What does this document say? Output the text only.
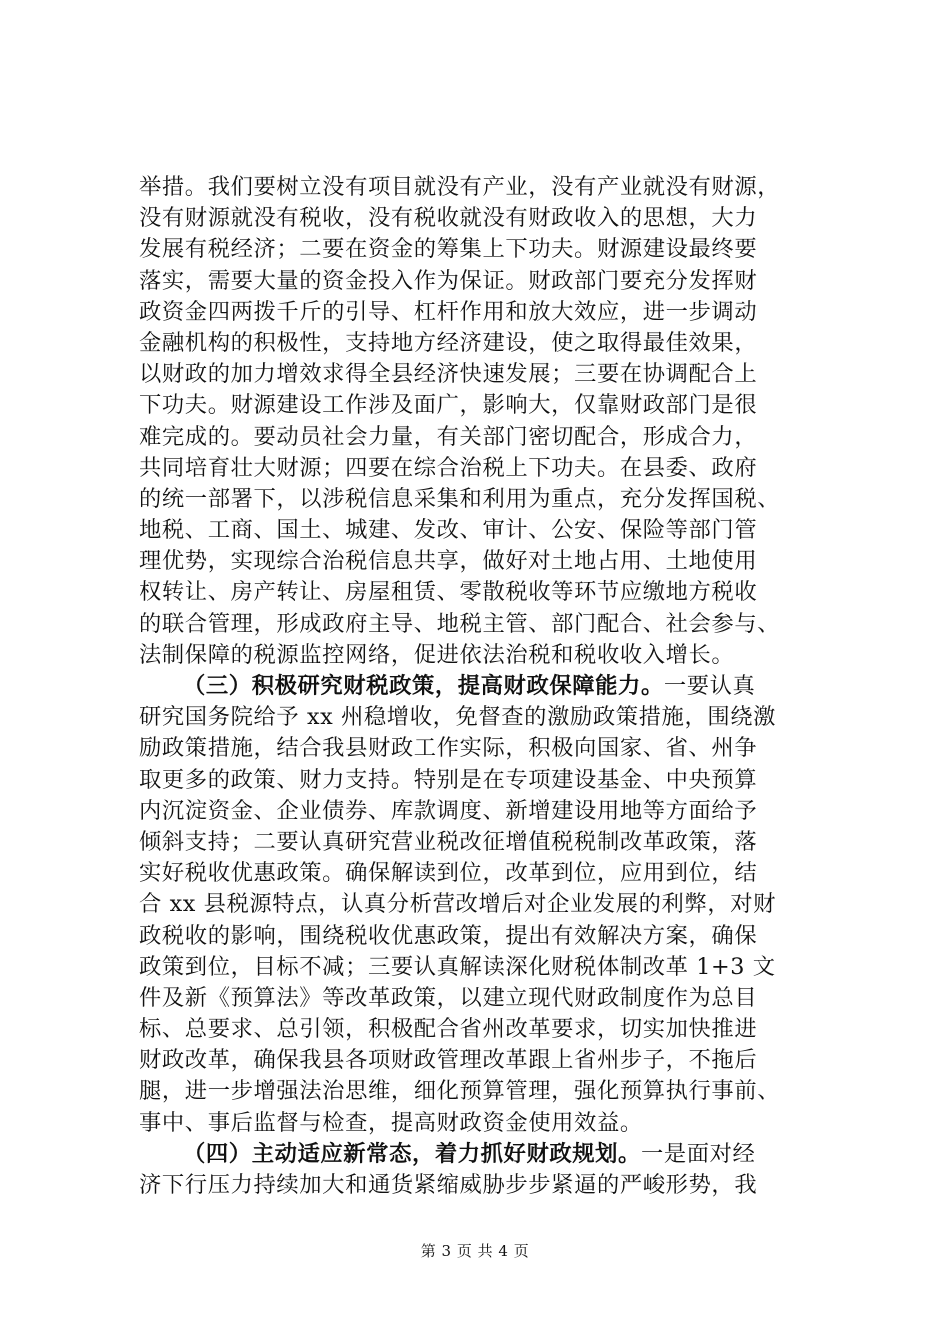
举措。我们要树立没有项目就没有产业，没有产业就没有财源，
没有财源就没有税收，没有税收就没有财政收入的思想，大力
发展有税经济；二要在资金的筹集上下功夫。财源建设最终要
落实，需要大量的资金投入作为保证。财政部门要充分发挥财
政资金四两拨千斤的引导、杠杆作用和放大效应，进一步调动
金融机构的积极性，支持地方经济建设，使之取得最佳效果，
以财政的加力增效求得全县经济快速发展；三要在协调配合上
下功夫。财源建设工作涉及面广，影响大，仅靠财政部门是很
难完成的。要动员社会力量，有关部门密切配合，形成合力，
共同培育壮大财源；四要在综合治税上下功夫。在县委、政府
的统一部署下，以涉税信息采集和利用为重点，充分发挥国税、
地税、工商、国土、城建、发改、审计、公安、保险等部门管
理优势，实现综合治税信息共享，做好对土地占用、土地使用
权转让、房产转让、房屋租赁、零散税收等环节应缴地方税收
的联合管理，形成政府主导、地税主管、部门配合、社会参与、
法制保障的税源监控网络，促进依法治税和税收收入增长。
（三）积极研究财税政策，提高财政保障能力。一要认真
研究国务院给予 xx 州稳增收，免督查的激励政策措施，围绕激
励政策措施，结合我县财政工作实际，积极向国家、省、州争
取更多的政策、财力支持。特别是在专项建设基金、中央预算
内沉淀资金、企业债券、库款调度、新增建设用地等方面给予
倾斜支持；二要认真研究营业税改征增值税税制改革政策，落
实好税收优惠政策。确保解读到位，改革到位，应用到位，结
合 xx 县税源特点，认真分析营改增后对企业发展的利弊，对财
政税收的影响，围绕税收优惠政策，提出有效解决方案，确保
政策到位，目标不减；三要认真解读深化财税体制改革 1+3 文
件及新《预算法》等改革政策，以建立现代财政制度作为总目
标、总要求、总引领，积极配合省州改革要求，切实加快推进
财政改革，确保我县各项财政管理改革跟上省州步子，不拖后
腿，进一步增强法治思维，细化预算管理，强化预算执行事前、
事中、事后监督与检查，提高财政资金使用效益。
（四）主动适应新常态，着力抓好财政规划。一是面对经
济下行压力持续加大和通货紧缩威胁步步紧逼的严峻形势，我
第 3 页 共 4 页
